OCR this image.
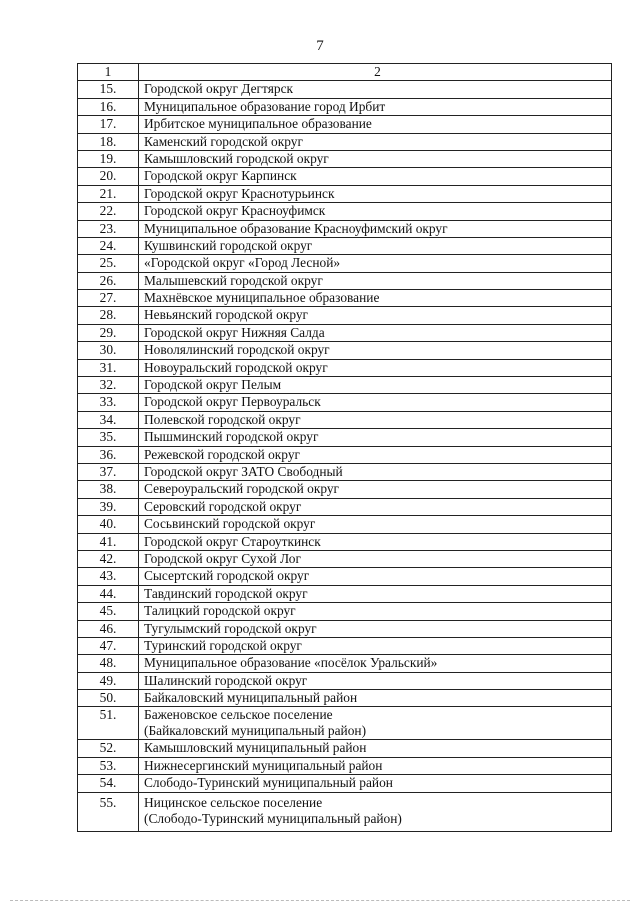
7
1	2
15.	Городской округ Дегтярск

16.	Муниципальное образование город Ирбит

17.	Ирбитское муниципальное образование

18.	Каменский городской округ

19.	Камышловский городской округ

20.	Городской округ Карпинск

21.	Городской округ Краснотурьинск

22.	Городской округ Красноуфимск

23.	Муниципальное образование Красноуфимский округ

24.	Кушвинский городской округ

25.	«Городской округ «Город Лесной»

26.	Малышевский городской округ

27.	Махнёвское муниципальное образование

28.	Невьянский городской округ

29.	Городской округ Нижняя Салда

30.	Новолялинский городской округ

31.	Новоуральский городской округ

32.	Городской округ Пелым

33.	Городской округ Первоуральск

34.	Полевской городской округ

35.	Пышминский городской округ

36.	Режевской городской округ

37.	Городской округ ЗАТО Свободный

38.	Североуральский городской округ

39.	Серовский городской округ

40.	Сосьвинский городской округ

41.	Городской округ Староуткинск

42.	Городской округ Сухой Лог

43.	Сысертский городской округ

44.	Тавдинский городской округ

45.	Талицкий городской округ

46.	Тугулымский городской округ

47.	Туринский городской округ

48.	Муниципальное образование «посёлок Уральский»

49.	Шалинский городской округ

50.	Байкаловский муниципальный район

51.	Баженовское сельское поселение
(Байкаловский муниципальный район)

52.	Камышловский муниципальный район

53.	Нижнесергинский муниципальный район

54.	Слободо-Туринский муниципальный район

55.	Ницинское сельское поселение
(Слободо-Туринский муниципальный район)
